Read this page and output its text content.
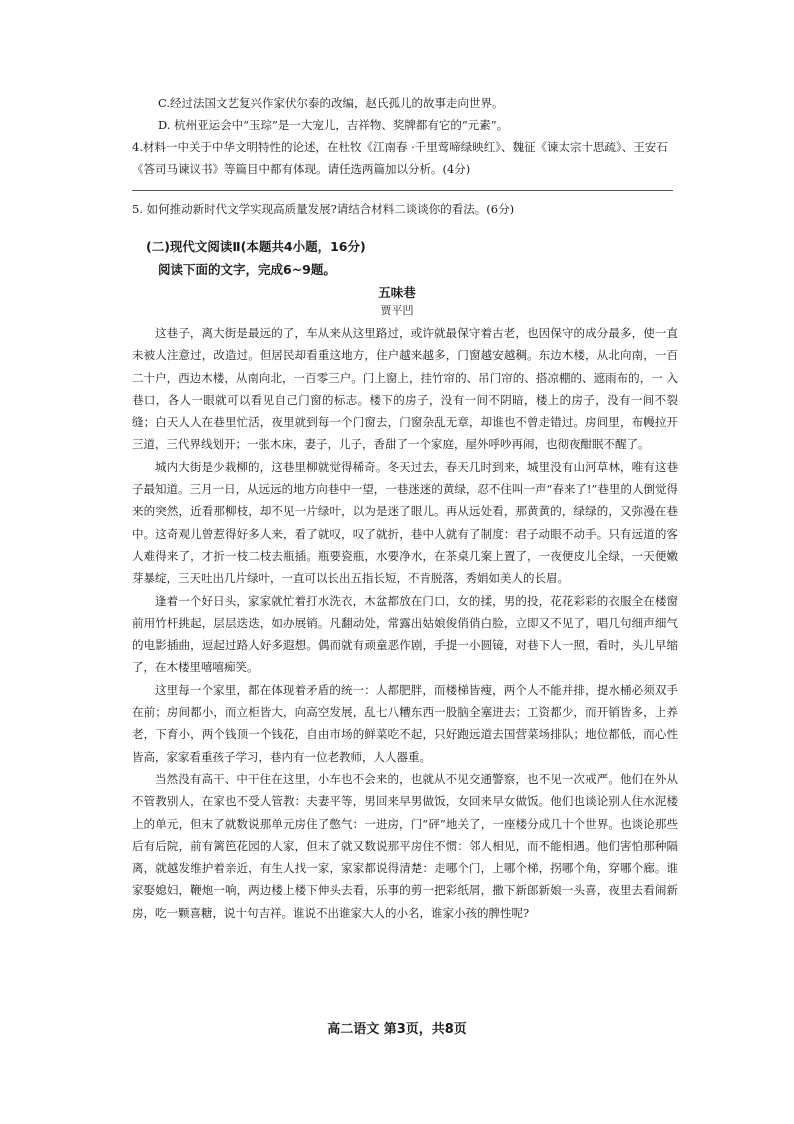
C.经过法国文艺复兴作家伏尔泰的改编，赵氏孤儿的故事走向世界。
D. 杭州亚运会中“玉琮”是一大宠儿，吉祥物、奖牌都有它的“元素”。
4.材料一中关于中华文明特性的论述，在杜牧《江南春 ·千里莺啼绿映红》、魏征《谏太宗十思疏》、王安石《答司马谏议书》等篇目中都有体现。请任选两篇加以分析。(4分)
5. 如何推动新时代文学实现高质量发展?请结合材料二谈谈你的看法。(6分)
(二)现代文阅读Ⅱ(本题共4小题，16分)
阅读下面的文字，完成6~9题。
五味巷
贾平凹

这巷子，离大街是最远的了，车从来从这里路过，或许就最保守着古老，也因保守的成分最多，使一直未被人注意过，改造过。但居民却看重这地方，住户越来越多，门窗越安越稠。东边木楼，从北向南，一百二十户，西边木楼，从南向北，一百零三户。门上窗上，挂竹帘的、吊门帘的、搭凉棚的、遮雨布的，一 入巷口，各人一眼就可以看见自己门窗的标志。楼下的房子，没有一间不阴暗，楼上的房子，没有一间不裂缝；白天人人在巷里忙活，夜里就到每一个门窗去，门窗杂乱无章，却谁也不曾走错过。房间里，布幔拉开三道，三代界线划开；一张木床，妻子，儿子，香甜了一个家庭，屋外呼吵再闹，也彻夜酣眠不醒了。

城内大街是少栽柳的，这巷里柳就觉得稀奇。冬天过去，春天几时到来，城里没有山河草林，唯有这巷子最知道。三月一日，从远远的地方向巷中一望，一巷迷迷的黄绿，忍不住叫一声“春来了!”巷里的人倒觉得来的突然，近看那柳枝，却不见一片绿叶，以为是迷了眼儿。再从远处看，那黄黄的，绿绿的，又弥漫在巷中。这奇观儿曾惹得好多人来，看了就叹，叹了就折，巷中人就有了制度：君子动眼不动手。只有远道的客人难得来了，才折一枝二枝去瓶插。瓶要瓷瓶，水要净水，在茶桌几案上置了，一夜便皮儿全绿，一天便嫩芽暴绽，三天吐出几片绿叶，一直可以长出五指长短，不肯脱落，秀娟如美人的长眉。

逢着一个好日头，家家就忙着打水洗衣，木盆都放在门口，女的揉，男的投，花花彩彩的衣服全在楼窗前用竹杆挑起，层层迭迭，如办展销。凡翻动处，常露出姑娘俊俏俏白脸，立即又不见了，唱几句细声细气的电影插曲，逗起过路人好多遐想。偶而就有顽童恶作剧，手提一小圆镜，对巷下人一照，看时，头儿早缩了，在木楼里嘻嘻痴笑。

这里每一个家里，都在体现着矛盾的统一：人都肥胖，而楼梯皆瘦，两个人不能并排，提水桶必须双手在前；房间都小，而立柜皆大，向高空发展，乱七八糟东西一股脑全塞进去；工资都少，而开销皆多，上养老，下育小，两个钱顶一个钱花，自由市场的鲜菜吃不起，只好跑远道去国营菜场排队；地位都低，而心性皆高，家家看重孩子学习，巷内有一位老教师，人人器重。

当然没有高干、中干住在这里，小车也不会来的，也就从不见交通警察，也不见一次戒严。他们在外从不管教别人，在家也不受人管教：夫妻平等，男回来早男做饭，女回来早女做饭。他们也谈论别人住水泥楼上的单元，但末了就数说那单元房住了憋气：一进房，门“砰”地关了，一座楼分成几十个世界。也谈论那些后有后院，前有篱笆花园的人家，但末了就又数说那平房住不惯：邻人相见，而不能相遇。他们害怕那种隔离，就越发维护着亲近，有生人找一家，家家都说得清楚：走哪个门，上哪个梯，拐哪个角，穿哪个廊。谁家娶媳妇，鞭炮一响，两边楼上楼下伸头去看，乐事的剪一把彩纸屑，撒下新郎新娘一头喜，夜里去看闹新房，吃一颗喜糖，说十句吉祥。谁说不出谁家大人的小名，谁家小孩的脾性呢?

高二语文 第3页，共8页
